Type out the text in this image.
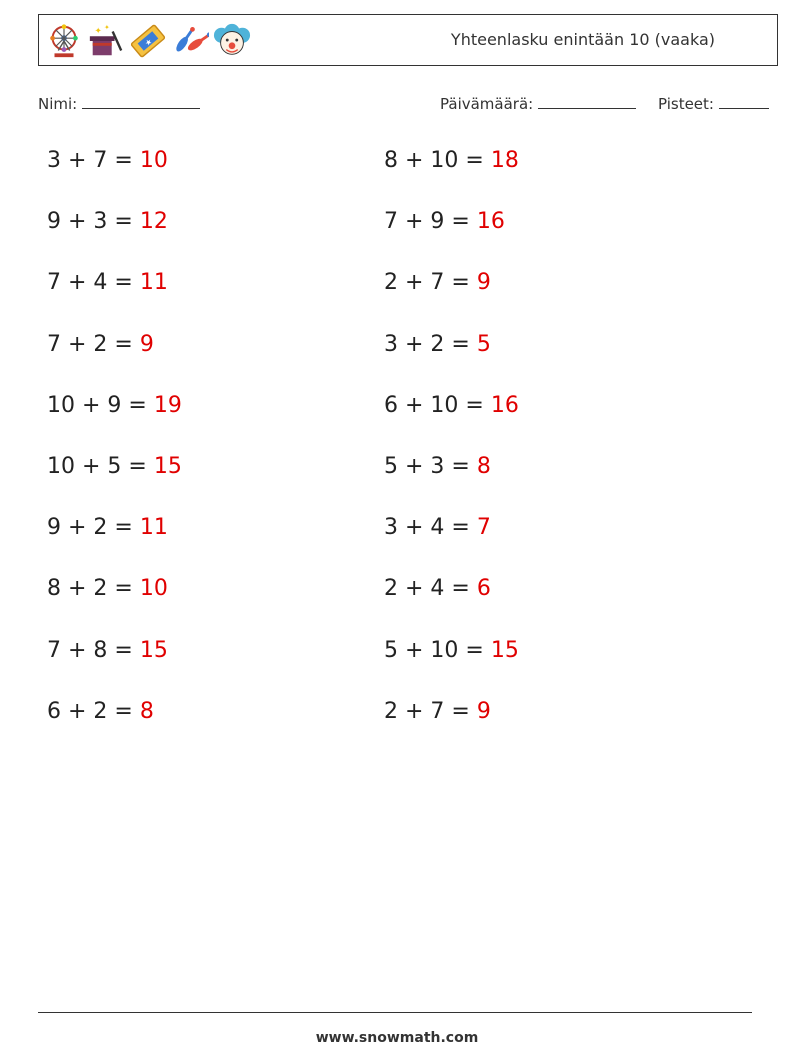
✦ ✦
★	Yhteenlasku enintään 10 (vaaka)
Nimi:	Päivämäärä:	Pisteet:
3 + 7 = 10	8 + 10 = 18
9 + 3 = 12	7 + 9 = 16
7 + 4 = 11	2 + 7 = 9
7 + 2 = 9	3 + 2 = 5
10 + 9 = 19	6 + 10 = 16
10 + 5 = 15	5 + 3 = 8
9 + 2 = 11	3 + 4 = 7
8 + 2 = 10	2 + 4 = 6
7 + 8 = 15	5 + 10 = 15
6 + 2 = 8	2 + 7 = 9
www.snowmath.com
